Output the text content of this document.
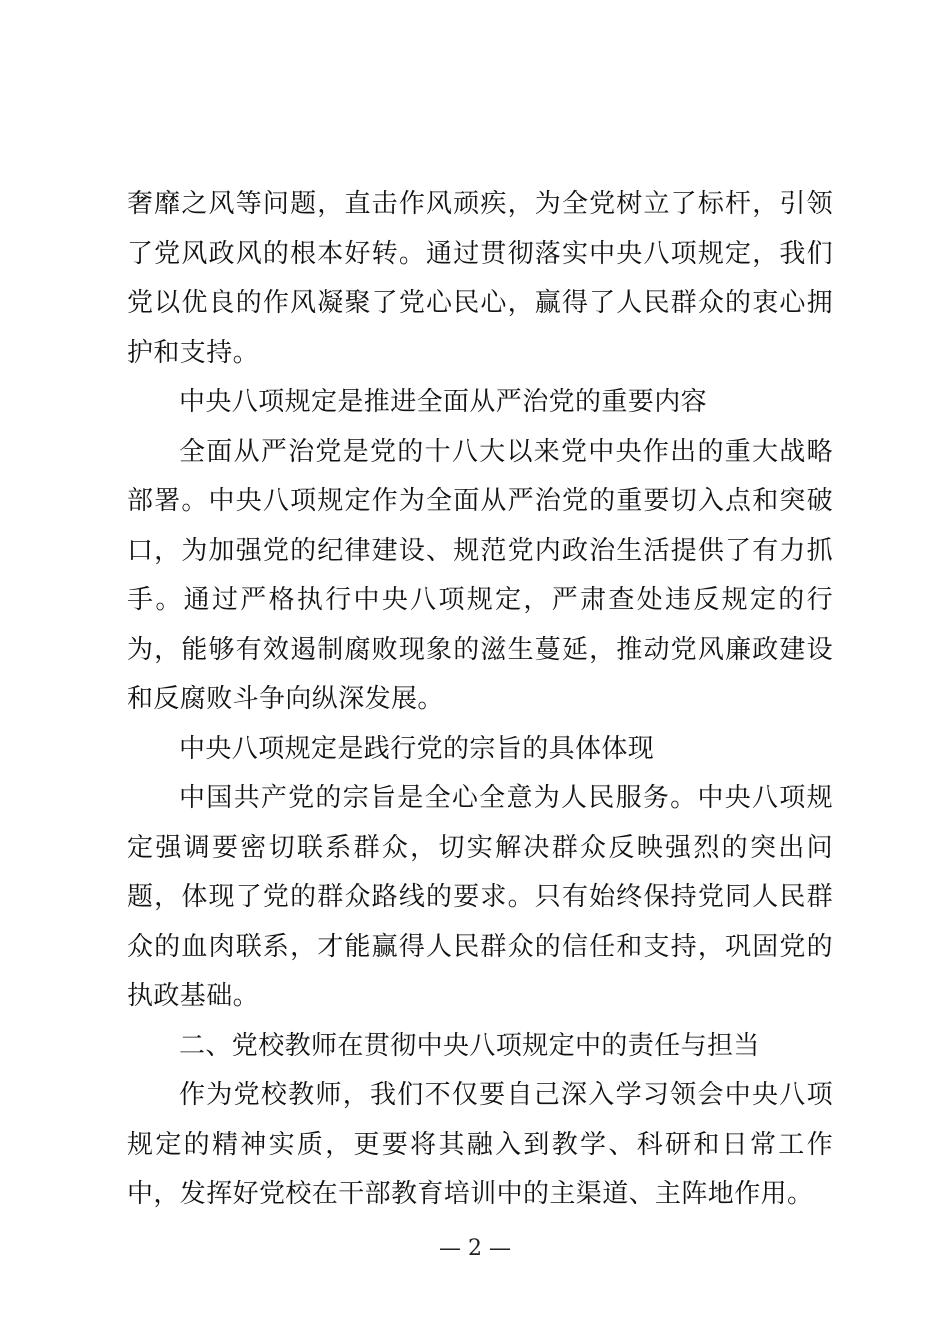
奢靡之风等问题，直击作风顽疾，为全党树立了标杆，引领了党风政风的根本好转。通过贯彻落实中央八项规定，我们党以优良的作风凝聚了党心民心，赢得了人民群众的衷心拥护和支持。

中央八项规定是推进全面从严治党的重要内容

全面从严治党是党的十八大以来党中央作出的重大战略部署。中央八项规定作为全面从严治党的重要切入点和突破口，为加强党的纪律建设、规范党内政治生活提供了有力抓手。通过严格执行中央八项规定，严肃查处违反规定的行为，能够有效遏制腐败现象的滋生蔓延，推动党风廉政建设和反腐败斗争向纵深发展。

中央八项规定是践行党的宗旨的具体体现

中国共产党的宗旨是全心全意为人民服务。中央八项规定强调要密切联系群众，切实解决群众反映强烈的突出问题，体现了党的群众路线的要求。只有始终保持党同人民群众的血肉联系，才能赢得人民群众的信任和支持，巩固党的执政基础。

二、党校教师在贯彻中央八项规定中的责任与担当

作为党校教师，我们不仅要自己深入学习领会中央八项规定的精神实质，更要将其融入到教学、科研和日常工作中，发挥好党校在干部教育培训中的主渠道、主阵地作用。

— 2 —
